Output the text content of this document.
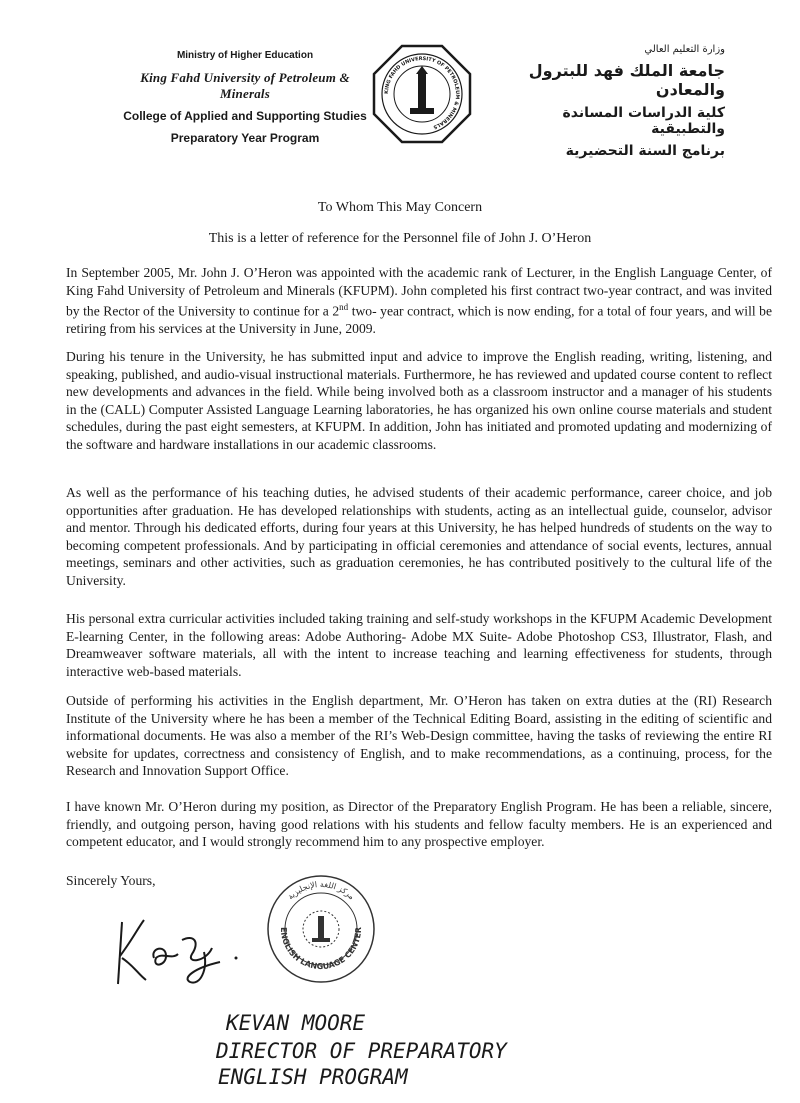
Ministry of Higher Education
King Fahd University of Petroleum & Minerals
College of Applied and Supporting Studies
Preparatory Year Program
KING FAHD UNIVERSITY OF PETROLEUM & MINERALS
وزارة التعليم العالي
جامعة الملك فهد للبترول والمعادن
كلية الدراسات المساندة والتطبيقية
برنامج السنة التحضيرية
To Whom This May Concern
This is a letter of reference for the Personnel file of John J. O’Heron
In September 2005, Mr. John J. O’Heron was appointed with the academic rank of Lecturer, in the English Language Center, of King Fahd University of Petroleum and Minerals (KFUPM). John completed his first contract two-year contract, and was invited by the Rector of the University to continue for a 2nd two- year contract, which is now ending, for a total of four years, and will be retiring from his services at the University in June, 2009.
During his tenure in the University, he has submitted input and advice to improve the English reading, writing, listening, and speaking, published, and audio-visual instructional materials. Furthermore, he has reviewed and updated course content to reflect new developments and advances in the field. While being involved both as a classroom instructor and a manager of his students in the (CALL) Computer Assisted Language Learning laboratories, he has organized his own online course materials and student schedules, during the past eight semesters, at KFUPM. In addition, John has initiated and promoted updating and modernizing of the software and hardware installations in our academic classrooms.
As well as the performance of his teaching duties, he advised students of their academic performance, career choice, and job opportunities after graduation. He has developed relationships with students, acting as an intellectual guide, counselor, advisor and mentor. Through his dedicated efforts, during four years at this University, he has helped hundreds of students on the way to becoming competent professionals. And by participating in official ceremonies and attendance of social events, lectures, annual meetings, seminars and other activities, such as graduation ceremonies, he has contributed positively to the cultural life of the University.
His personal extra curricular activities included taking training and self-study workshops in the KFUPM Academic Development E-learning Center, in the following areas: Adobe Authoring- Adobe MX Suite- Adobe Photoshop CS3, Illustrator, Flash, and Dreamweaver software materials, all with the intent to increase teaching and learning effectiveness for students, through interactive web-based materials.
Outside of performing his activities in the English department, Mr. O’Heron has taken on extra duties at the (RI) Research Institute of the University where he has been a member of the Technical Editing Board, assisting in the editing of scientific and informational documents. He was also a member of the RI’s Web-Design committee, having the tasks of reviewing the entire RI website for updates, correctness and consistency of English, and to make recommendations, as a continuing, process, for the Research and Innovation Support Office.
I have known Mr. O’Heron during my position, as Director of the Preparatory English Program. He has been a reliable, sincere, friendly, and outgoing person, having good relations with his students and fellow faculty members. He is an experienced and competent educator, and I would strongly recommend him to any prospective employer.
Sincerely Yours,
ENGLISH LANGUAGE CENTER
مركز اللغة الإنجليزية
KEVAN MOORE
DIRECTOR OF PREPARATORY
ENGLISH PROGRAM
